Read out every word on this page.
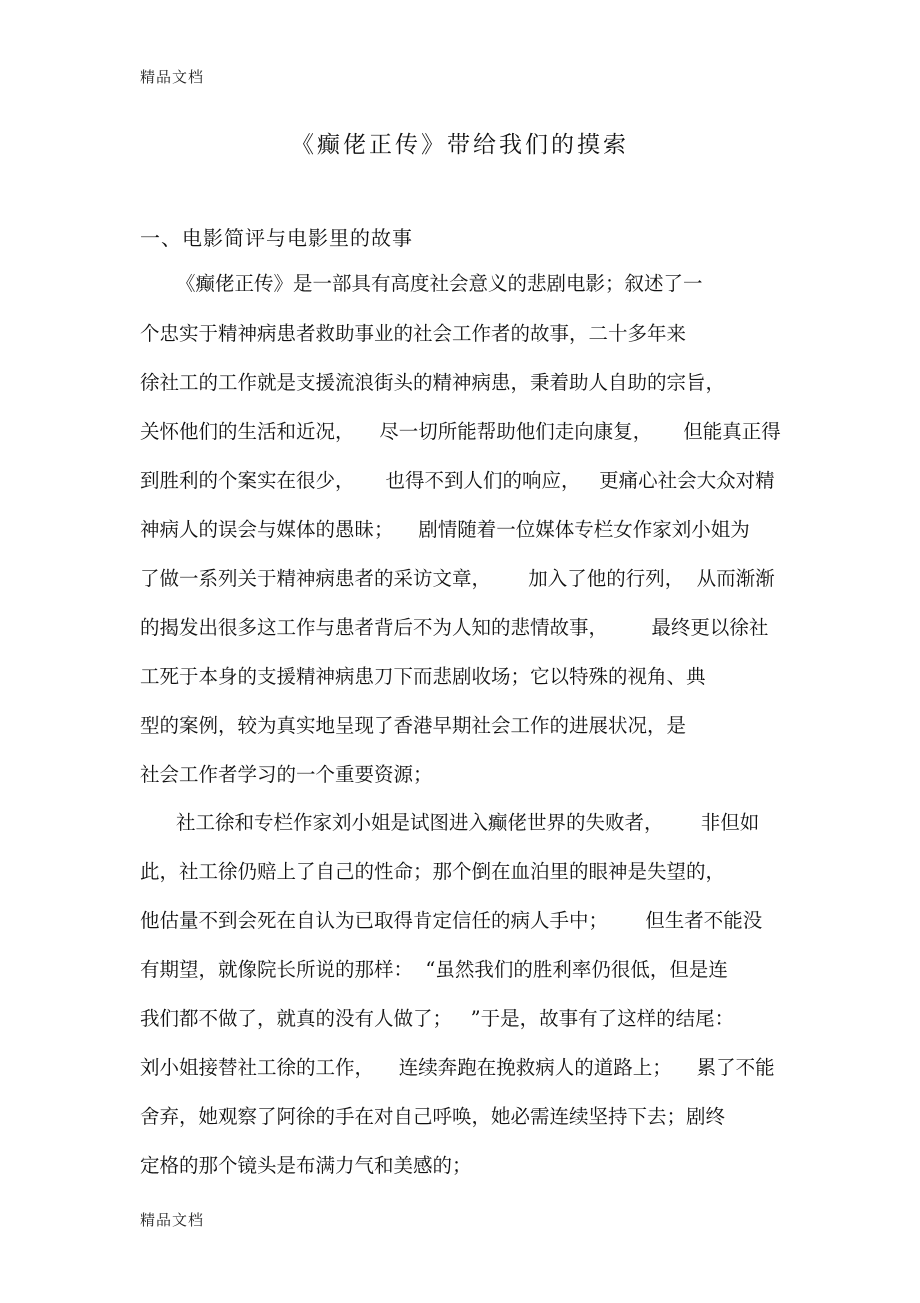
精品文档
《癫佬正传》带给我们的摸索
一、电影简评与电影里的故事
《癫佬正传》是一部具有高度社会意义的悲剧电影；叙述了一
个忠实于精神病患者救助事业的社会工作者的故事，二十多年来
徐社工的工作就是支援流浪街头的精神病患，秉着助人自助的宗旨，
关怀他们的生活和近况，    尽一切所能帮助他们走向康复，     但能真正得
到胜利的个案实在很少，     也得不到人们的响应，   更痛心社会大众对精
神病人的误会与媒体的愚昧；    剧情随着一位媒体专栏女作家刘小姐为
了做一系列关于精神病患者的采访文章，      加入了他的行列，  从而渐渐
的揭发出很多这工作与患者背后不为人知的悲情故事，       最终更以徐社
工死于本身的支援精神病患刀下而悲剧收场；它以特殊的视角、典
型的案例，较为真实地呈现了香港早期社会工作的进展状况，是
社会工作者学习的一个重要资源；
社工徐和专栏作家刘小姐是试图进入癫佬世界的失败者，      非但如
此，社工徐仍赔上了自己的性命；那个倒在血泊里的眼神是失望的，
他估量不到会死在自认为已取得肯定信任的病人手中；      但生者不能没
有期望，就像院长所说的那样：  “虽然我们的胜利率仍很低，但是连
我们都不做了，就真的没有人做了；   ”于是，故事有了这样的结尾：
刘小姐接替社工徐的工作，    连续奔跑在挽救病人的道路上；    累了不能
舍弃，她观察了阿徐的手在对自己呼唤，她必需连续坚持下去；剧终
定格的那个镜头是布满力气和美感的；
精品文档
